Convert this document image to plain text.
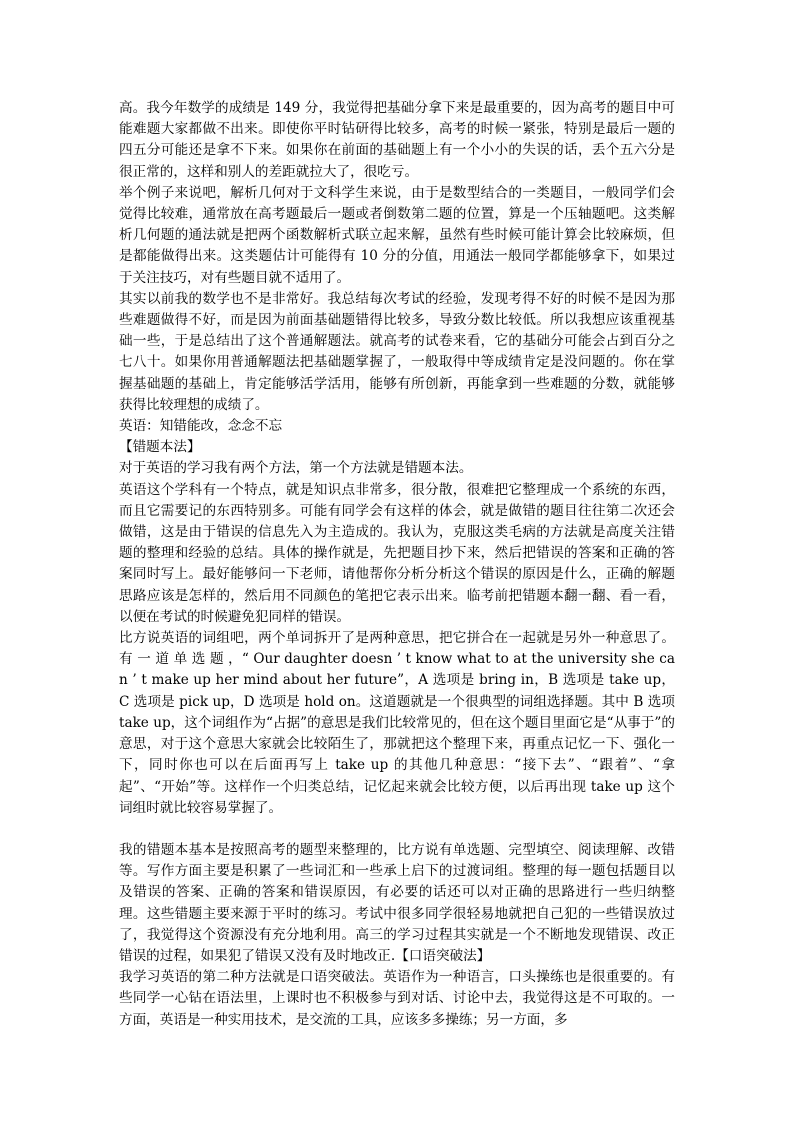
高。我今年数学的成绩是 149 分，我觉得把基础分拿下来是最重要的，因为高考的题目中可能难题大家都做不出来。即使你平时钻研得比较多，高考的时候一紧张，特别是最后一题的四五分可能还是拿不下来。如果你在前面的基础题上有一个小小的失误的话，丢个五六分是很正常的，这样和别人的差距就拉大了，很吃亏。

举个例子来说吧，解析几何对于文科学生来说，由于是数型结合的一类题目，一般同学们会觉得比较难，通常放在高考题最后一题或者倒数第二题的位置，算是一个压轴题吧。这类解析几何题的通法就是把两个函数解析式联立起来解，虽然有些时候可能计算会比较麻烦，但是都能做得出来。这类题估计可能得有 10 分的分值，用通法一般同学都能够拿下，如果过于关注技巧，对有些题目就不适用了。

其实以前我的数学也不是非常好。我总结每次考试的经验，发现考得不好的时候不是因为那些难题做得不好，而是因为前面基础题错得比较多，导致分数比较低。所以我想应该重视基础一些，于是总结出了这个普通解题法。就高考的试卷来看，它的基础分可能会占到百分之七八十。如果你用普通解题法把基础题掌握了，一般取得中等成绩肯定是没问题的。你在掌握基础题的基础上，肯定能够活学活用，能够有所创新，再能拿到一些难题的分数，就能够获得比较理想的成绩了。

英语：知错能改，念念不忘

【错题本法】

对于英语的学习我有两个方法，第一个方法就是错题本法。

英语这个学科有一个特点，就是知识点非常多，很分散，很难把它整理成一个系统的东西，而且它需要记的东西特别多。可能有同学会有这样的体会，就是做错的题目往往第二次还会做错，这是由于错误的信息先入为主造成的。我认为，克服这类毛病的方法就是高度关注错题的整理和经验的总结。具体的操作就是，先把题目抄下来，然后把错误的答案和正确的答案同时写上。最好能够问一下老师，请他帮你分析分析这个错误的原因是什么，正确的解题思路应该是怎样的，然后用不同颜色的笔把它表示出来。临考前把错题本翻一翻、看一看，以便在考试的时候避免犯同样的错误。

比方说英语的词组吧，两个单词拆开了是两种意思，把它拼合在一起就是另外一种意思了。有 一 道 单 选 题 ，“ Our daughter doesn ’ t know what to at the university she can ’ t make up her mind about her future”，A 选项是 bring in，B 选项是 take up，C 选项是 pick up，D 选项是 hold on。这道题就是一个很典型的词组选择题。其中 B 选项 take up，这个词组作为“占据”的意思是我们比较常见的，但在这个题目里面它是“从事于”的意思，对于这个意思大家就会比较陌生了，那就把这个整理下来，再重点记忆一下、强化一下，同时你也可以在后面再写上 take up 的其他几种意思：“接下去”、“跟着”、“拿起”、“开始”等。这样作一个归类总结，记忆起来就会比较方便，以后再出现 take up 这个词组时就比较容易掌握了。

我的错题本基本是按照高考的题型来整理的，比方说有单选题、完型填空、阅读理解、改错等。写作方面主要是积累了一些词汇和一些承上启下的过渡词组。整理的每一题包括题目以及错误的答案、正确的答案和错误原因，有必要的话还可以对正确的思路进行一些归纳整理。这些错题主要来源于平时的练习。考试中很多同学很轻易地就把自己犯的一些错误放过了，我觉得这个资源没有充分地利用。高三的学习过程其实就是一个不断地发现错误、改正错误的过程，如果犯了错误又没有及时地改正.【口语突破法】

我学习英语的第二种方法就是口语突破法。英语作为一种语言，口头操练也是很重要的。有些同学一心钻在语法里，上课时也不积极参与到对话、讨论中去，我觉得这是不可取的。一方面，英语是一种实用技术，是交流的工具，应该多多操练；另一方面，多
